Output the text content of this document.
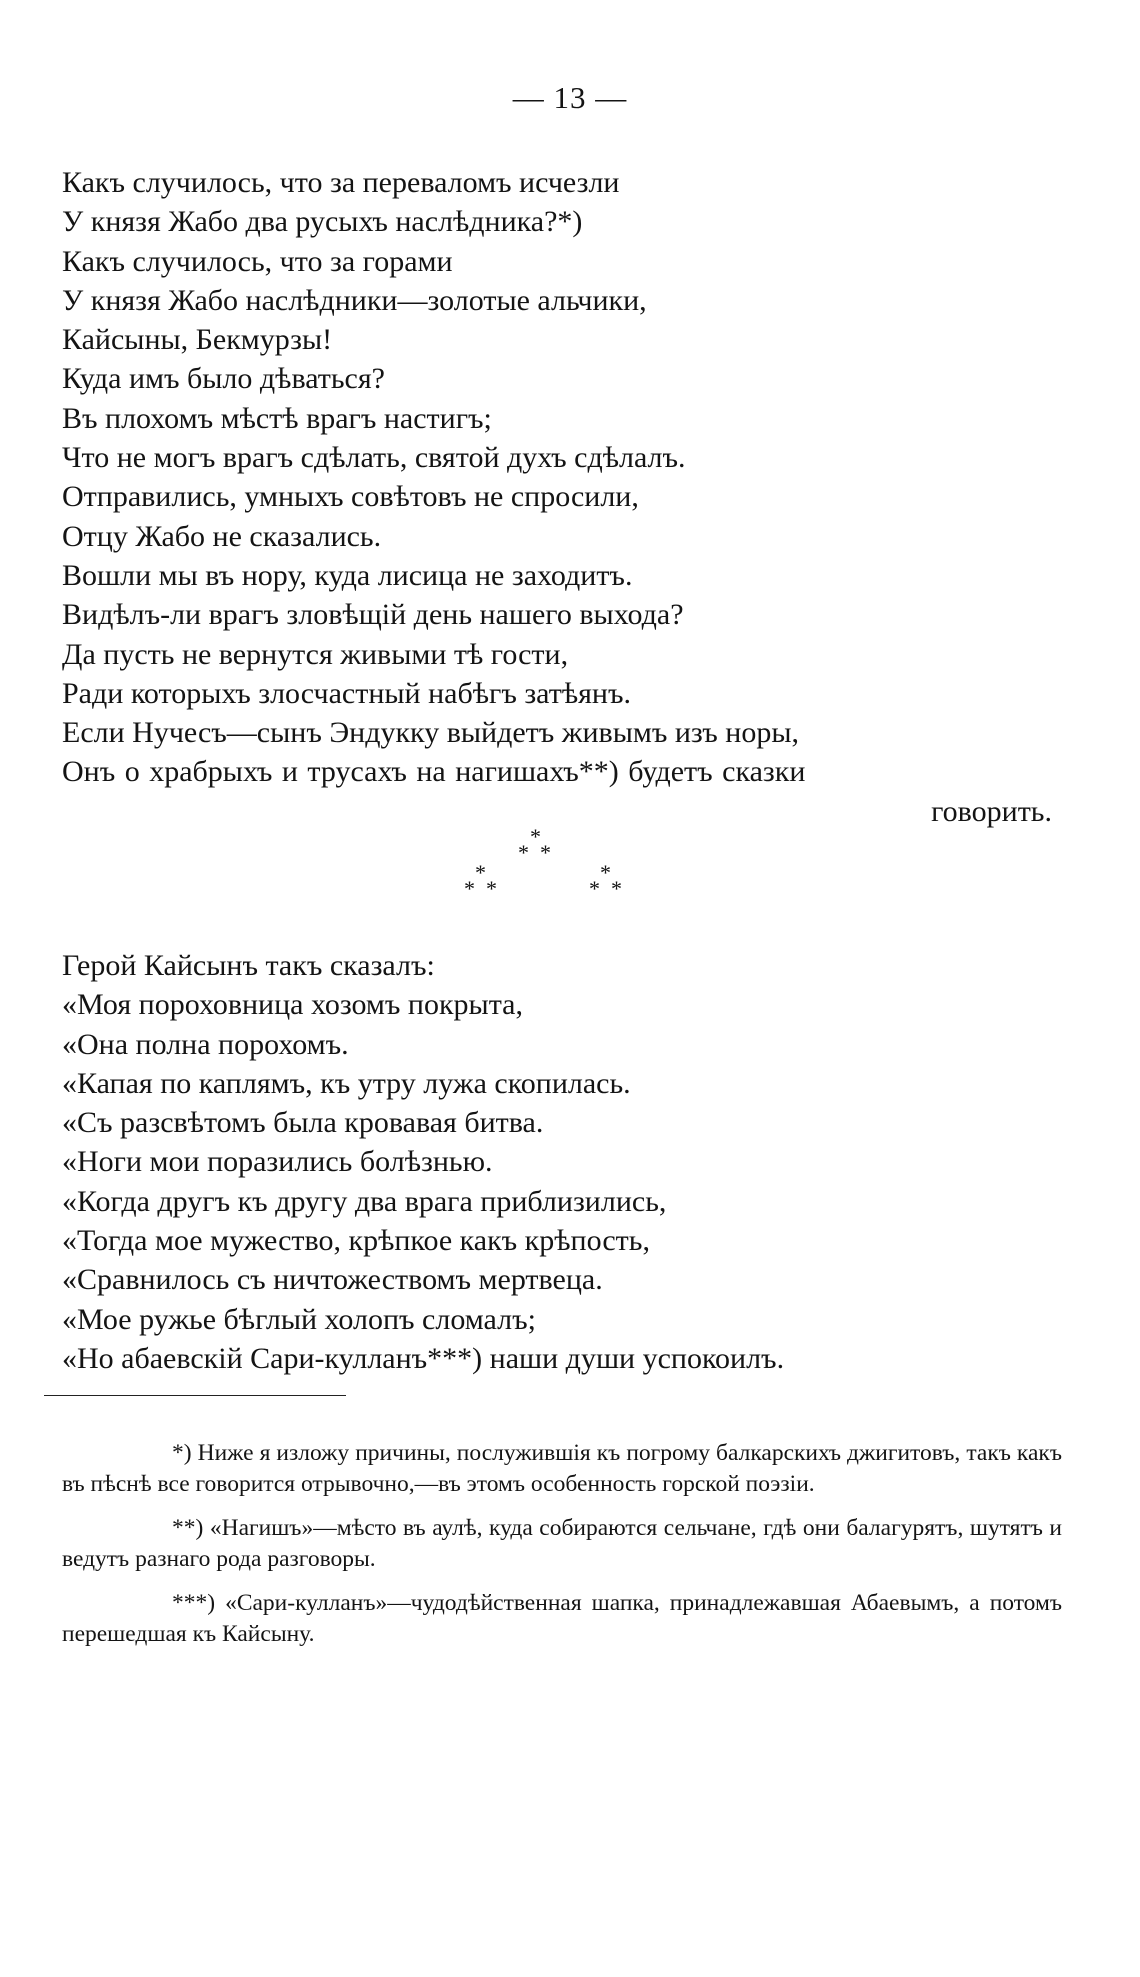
— 13 —
Какъ случилось, что за переваломъ исчезли
У князя Жабо два русыхъ наслѣдника?*)
Какъ случилось, что за горами
У князя Жабо наслѣдники—золотые альчики,
Кайсыны, Бекмурзы!
Куда имъ было дѣваться?
Въ плохомъ мѣстѣ врагъ настигъ;
Что не могъ врагъ сдѣлать, святой духъ сдѣлалъ.
Отправились, умныхъ совѣтовъ не спросили,
Отцу Жабо не сказались.
Вошли мы въ нору, куда лисица не заходитъ.
Видѣлъ-ли врагъ зловѣщій день нашего выхода?
Да пусть не вернутся живыми тѣ гости,
Ради которыхъ злосчастный набѣгъ затѣянъ.
Если Нучесъ—сынъ Эндукку выйдетъ живымъ изъ норы,
Онъ о храбрыхъ и трусахъ на нагишахъ**) будетъ сказки
говорить.
*
* *
*
* *
*
* *
Герой Кайсынъ такъ сказалъ:
«Моя пороховница хозомъ покрыта,
«Она полна порохомъ.
«Капая по каплямъ, къ утру лужа скопилась.
«Съ разсвѣтомъ была кровавая битва.
«Ноги мои поразились болѣзнью.
«Когда другъ къ другу два врага приблизились,
«Тогда мое мужество, крѣпкое какъ крѣпость,
«Сравнилось съ ничтожествомъ мертвеца.
«Мое ружье бѣглый холопъ сломалъ;
«Но абаевскій Сари-кулланъ***) наши души успокоилъ.
*) Ниже я изложу причины, послужившія къ погрому балкарскихъ джигитовъ, такъ какъ въ пѣснѣ все говорится отрывочно,—въ этомъ особенность горской поэзіи.
**) «Нагишъ»—мѣсто въ аулѣ, куда собираются сельчане, гдѣ они балагурятъ, шутятъ и ведутъ разнаго рода разговоры.
***) «Сари-кулланъ»—чудодѣйственная шапка, принадлежавшая Абаевымъ, а потомъ перешедшая къ Кайсыну.
